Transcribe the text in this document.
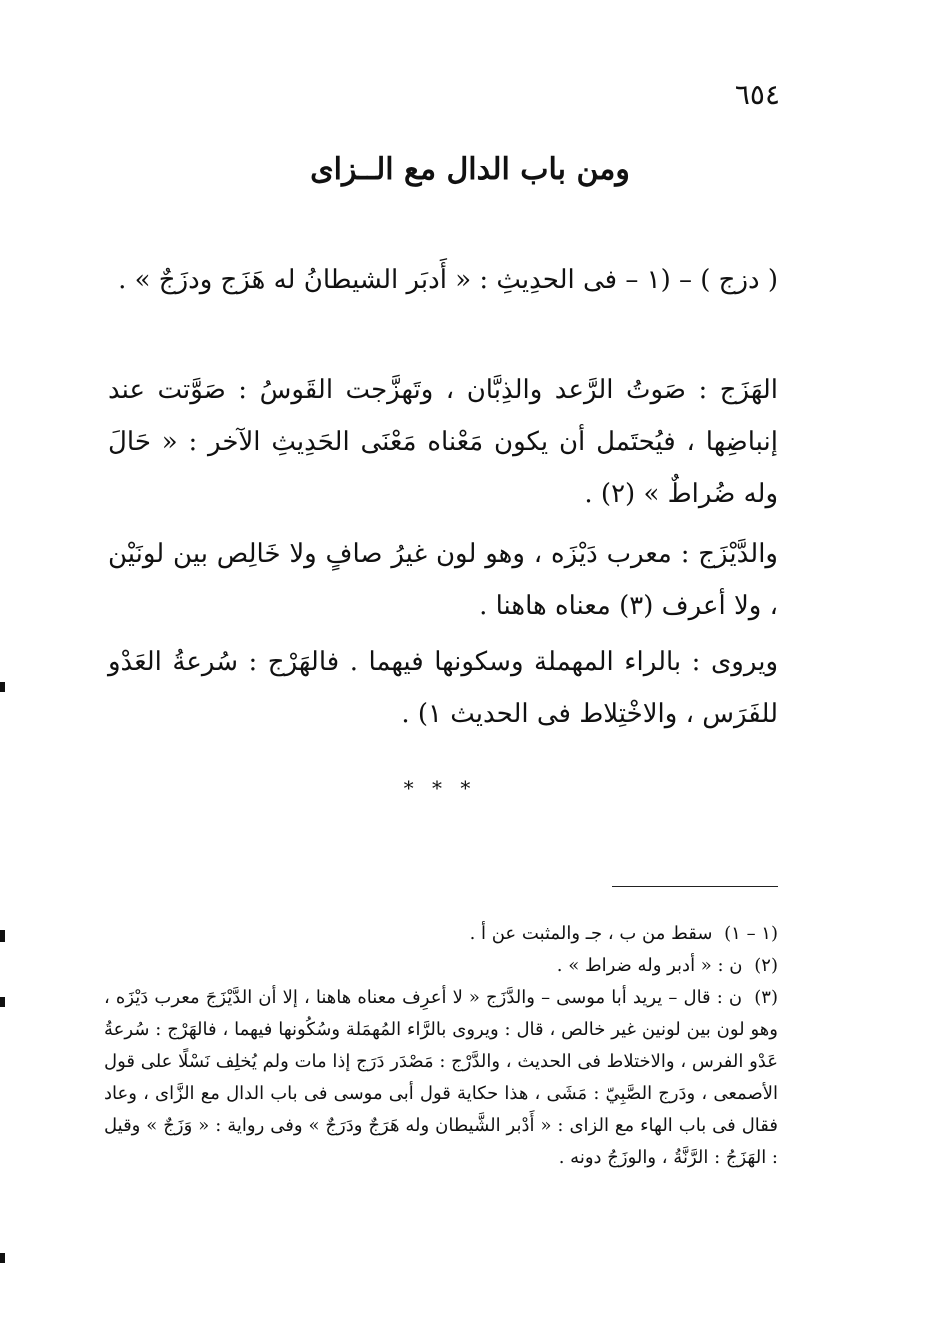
٦٥٤
ومن باب الدال مع الــزاى

( دزج ) – (١ – فى الحدِيثِ : « أَدبَر الشيطانُ له هَزَج ودزَجٌ » .

الهَزَج : صَوتُ الرَّعد والذِبَّان ، وتَهزَّجت القَوسُ : صَوَّتت عند إنباضِها ، فيُحتَمل أن يكون مَعْناه مَعْنَى الحَدِيثِ الآخر : « حَالَ وله ضُراطٌ » (٢) .

والدَّيْزَج : معرب دَيْزَه ، وهو لون غيرُ صافٍ ولا خَالِص بين لونَيْن ، ولا أعرف (٣) معناه هاهنا .

ويروى : بالراء المهملة وسكونها فيهما . فالهَرْج : سُرعةُ العَدْو للفَرَس ، والاخْتِلاط فى الحديث ١) .

* * *

(١ – ١) سقط من ب ، جـ والمثبت عن أ .

(٢) ن : « أدبر وله ضراط » .

(٣) ن : قال – يريد أبا موسى – والدَّزَج « لا أعرِف معناه هاهنا ، إلا أن الدَّيْزَجَ معرب دَيْزَه ، وهو لون بين لونين غير خالص ، قال : ويروى بالرَّاء المُهمَلة وسُكُونها فيهما ، فالهَرْج : سُرعةُ عَدْو الفرس ، والاختلاط فى الحديث ، والدَّرْج : مَصْدَر دَرَج إذا مات ولم يُخلِف نَسْلًا على قول الأصمعى ، ودَرج الصَّبِيّ : مَشَى ، هذا حكاية قول أبى موسى فى باب الدال مع الزَّاى ، وعاد فقال فى باب الهاء مع الزاى : « أَدْبر الشَّيطان وله هَرَجٌ ودَرَجٌ » وفى رواية : « وَزَجٌ » وقيل : الهَزَجُ : الرَّنَّةُ ، والوزَجُ دونه .
